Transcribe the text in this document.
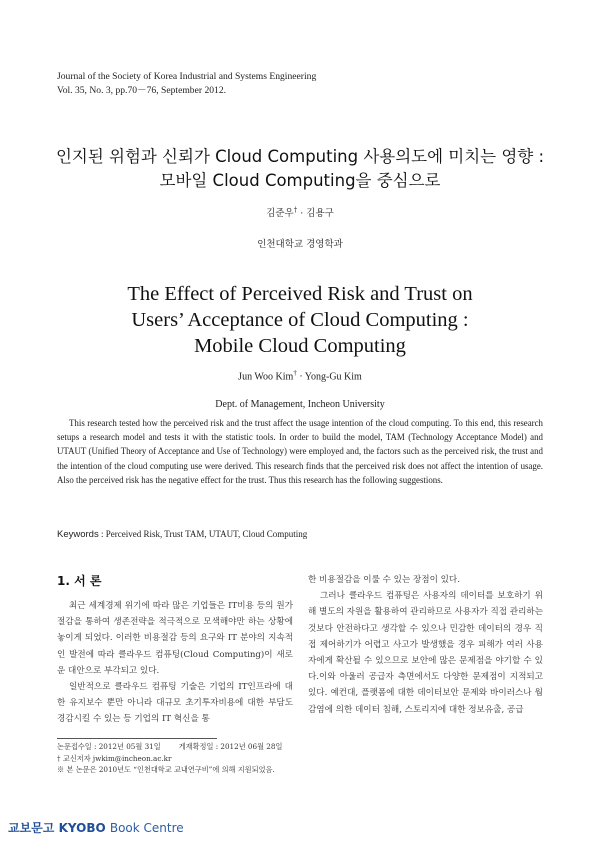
Journal of the Society of Korea Industrial and Systems Engineering
Vol. 35, No. 3, pp.70－76, September 2012.
인지된 위험과 신뢰가 Cloud Computing 사용의도에 미치는 영향 :
모바일 Cloud Computing을 중심으로
김준우† · 김용구
인천대학교 경영학과
The Effect of Perceived Risk and Trust on
Users’ Acceptance of Cloud Computing :
Mobile Cloud Computing
Jun Woo Kim† · Yong-Gu Kim
Dept. of Management, Incheon University
This research tested how the perceived risk and the trust affect the usage intention of the cloud computing. To this end, this research setups a research model and tests it with the statistic tools. In order to build the model, TAM (Technology Acceptance Model) and UTAUT (Unified Theory of Acceptance and Use of Technology) were employed and, the factors such as the perceived risk, the trust and the intention of the cloud computing use were derived. This research finds that the perceived risk does not affect the intention of usage. Also the perceived risk has the negative effect for the trust. Thus this research has the following suggestions.
Keywords : Perceived Risk, Trust TAM, UTAUT, Cloud Computing
1. 서 론

최근 세계경제 위기에 따라 많은 기업들은 IT비용 등의 원가절감을 통하여 생존전략을 적극적으로 모색해야만 하는 상황에 놓이게 되었다. 이러한 비용절감 등의 요구와 IT 분야의 지속적인 발전에 따라 클라우드 컴퓨팅(Cloud Computing)이 새로운 대안으로 부각되고 있다.

일반적으로 클라우드 컴퓨팅 기술은 기업의 IT인프라에 대한 유지보수 뿐만 아니라 대규모 초기투자비용에 대한 부담도 경감시킬 수 있는 등 기업의 IT 혁신을 통

한 비용절감을 이룰 수 있는 장점이 있다.

그러나 클라우드 컴퓨팅은 사용자의 데이터를 보호하기 위해 별도의 자원을 활용하여 관리하므로 사용자가 직접 관리하는 것보다 안전하다고 생각할 수 있으나 민감한 데이터의 경우 직접 제어하기가 어렵고 사고가 발생했을 경우 피해가 여러 사용자에게 확산될 수 있으므로 보안에 많은 문제점을 야기할 수 있다.이와 아울러 공급자 측면에서도 다양한 문제점이 지적되고 있다. 예컨대, 플랫폼에 대한 데이터보안 문제와 바이러스나 웜 감염에 의한 데이터 침해, 스토리지에 대한 정보유출, 공급

논문접수일 : 2012년 05월 31일	게재확정일 : 2012년 06월 28일
† 교신저자 jwkim@incheon.ac.kr
※ 본 논문은 2010년도 “인천대학교 교내연구비”에 의해 지원되었음.
교보문고 KYOBO Book Centre
